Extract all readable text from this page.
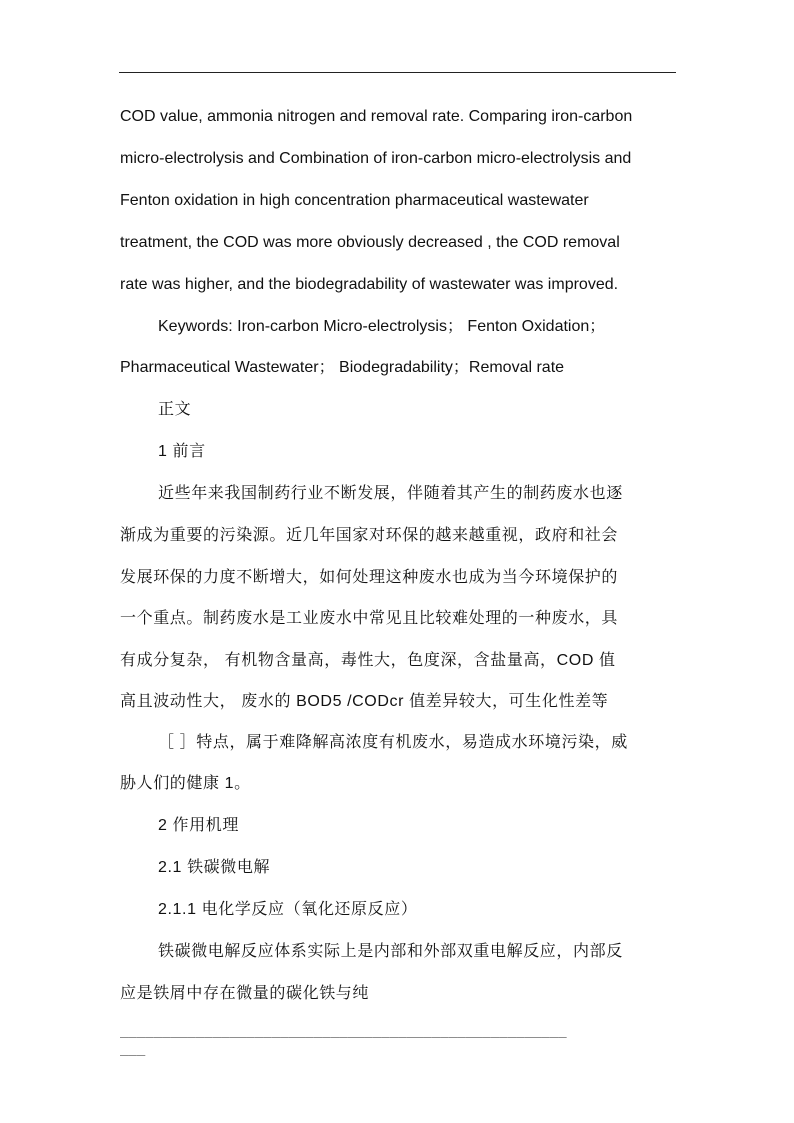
COD value, ammonia nitrogen and removal rate. Comparing iron-carbon
micro-electrolysis and Combination of iron-carbon micro-electrolysis and
Fenton oxidation in high concentration pharmaceutical wastewater
treatment, the COD was more obviously decreased , the COD removal
rate was higher, and the biodegradability of wastewater was improved.
Keywords: Iron-carbon Micro-electrolysis； Fenton Oxidation；
Pharmaceutical Wastewater； Biodegradability；Removal rate
正文
1 前言
近些年来我国制药行业不断发展，伴随着其产生的制药废水也逐
渐成为重要的污染源。近几年国家对环保的越来越重视，政府和社会
发展环保的力度不断增大，如何处理这种废水也成为当今环境保护的
一个重点。制药废水是工业废水中常见且比较难处理的一种废水，具
有成分复杂， 有机物含量高，毒性大，色度深，含盐量高，COD 值
高且波动性大， 废水的 BOD5 /CODcr 值差异较大，可生化性差等
［ ］特点，属于难降解高浓度有机废水，易造成水环境污染，威
胁人们的健康 1。
2 作用机理
2.1 铁碳微电解
2.1.1 电化学反应（氧化还原反应）
铁碳微电解反应体系实际上是内部和外部双重电解反应，内部反
应是铁屑中存在微量的碳化铁与纯
_____________________________________________________
___
